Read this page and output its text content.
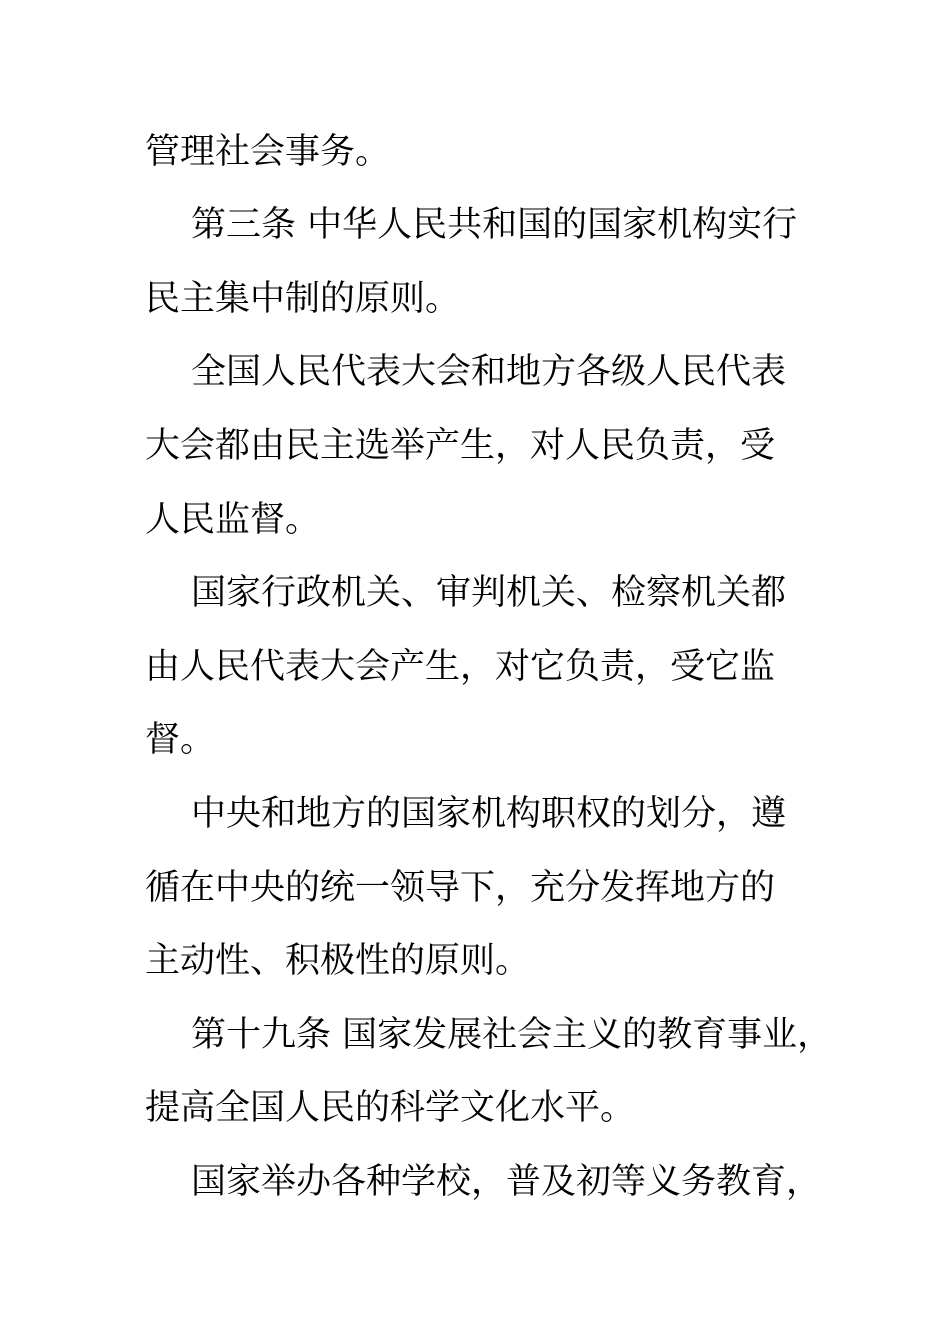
管理社会事务。
第三条 中华人民共和国的国家机构实行
民主集中制的原则。
全国人民代表大会和地方各级人民代表
大会都由民主选举产生，对人民负责，受
人民监督。
国家行政机关、审判机关、检察机关都
由人民代表大会产生，对它负责，受它监
督。
中央和地方的国家机构职权的划分，遵
循在中央的统一领导下，充分发挥地方的
主动性、积极性的原则。
第十九条 国家发展社会主义的教育事业，
提高全国人民的科学文化水平。
国家举办各种学校，普及初等义务教育，
